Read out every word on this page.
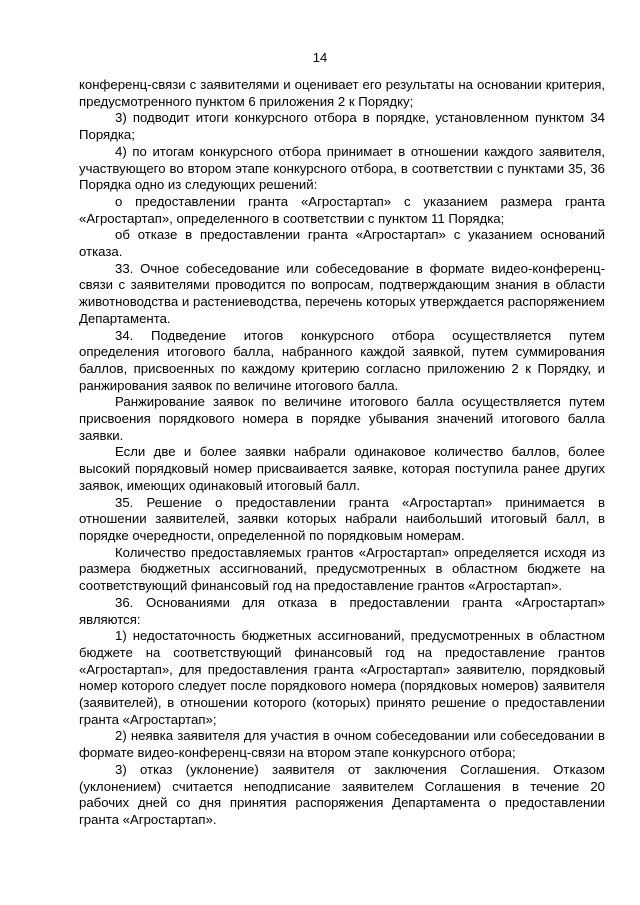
14

конференц-связи с заявителями и оценивает его результаты на основании критерия, предусмотренного пунктом 6 приложения 2 к Порядку;

3) подводит итоги конкурсного отбора в порядке, установленном пунктом 34 Порядка;

4) по итогам конкурсного отбора принимает в отношении каждого заявителя, участвующего во втором этапе конкурсного отбора, в соответствии с пунктами 35, 36 Порядка одно из следующих решений:

о предоставлении гранта «Агростартап» с указанием размера гранта «Агростартап», определенного в соответствии с пунктом 11 Порядка;

об отказе в предоставлении гранта «Агростартап» с указанием оснований отказа.

33. Очное собеседование или собеседование в формате видео-конференц-связи с заявителями проводится по вопросам, подтверждающим знания в области животноводства и растениеводства, перечень которых утверждается распоряжением Департамента.

34. Подведение итогов конкурсного отбора осуществляется путем определения итогового балла, набранного каждой заявкой, путем суммирования баллов, присвоенных по каждому критерию согласно приложению 2 к Порядку, и ранжирования заявок по величине итогового балла.

Ранжирование заявок по величине итогового балла осуществляется путем присвоения порядкового номера в порядке убывания значений итогового балла заявки.

Если две и более заявки набрали одинаковое количество баллов, более высокий порядковый номер присваивается заявке, которая поступила ранее других заявок, имеющих одинаковый итоговый балл.

35. Решение о предоставлении гранта «Агростартап» принимается в отношении заявителей, заявки которых набрали наибольший итоговый балл, в порядке очередности, определенной по порядковым номерам.

Количество предоставляемых грантов «Агростартап» определяется исходя из размера бюджетных ассигнований, предусмотренных в областном бюджете на соответствующий финансовый год на предоставление грантов «Агростартап».

36. Основаниями для отказа в предоставлении гранта «Агростартап» являются:

1) недостаточность бюджетных ассигнований, предусмотренных в областном бюджете на соответствующий финансовый год на предоставление грантов «Агростартап», для предоставления гранта «Агростартап» заявителю, порядковый номер которого следует после порядкового номера (порядковых номеров) заявителя (заявителей), в отношении которого (которых) принято решение о предоставлении гранта «Агростартап»;

2) неявка заявителя для участия в очном собеседовании или собеседовании в формате видео-конференц-связи на втором этапе конкурсного отбора;

3) отказ (уклонение) заявителя от заключения Соглашения. Отказом (уклонением) считается неподписание заявителем Соглашения в течение 20 рабочих дней со дня принятия распоряжения Департамента о предоставлении гранта «Агростартап».
